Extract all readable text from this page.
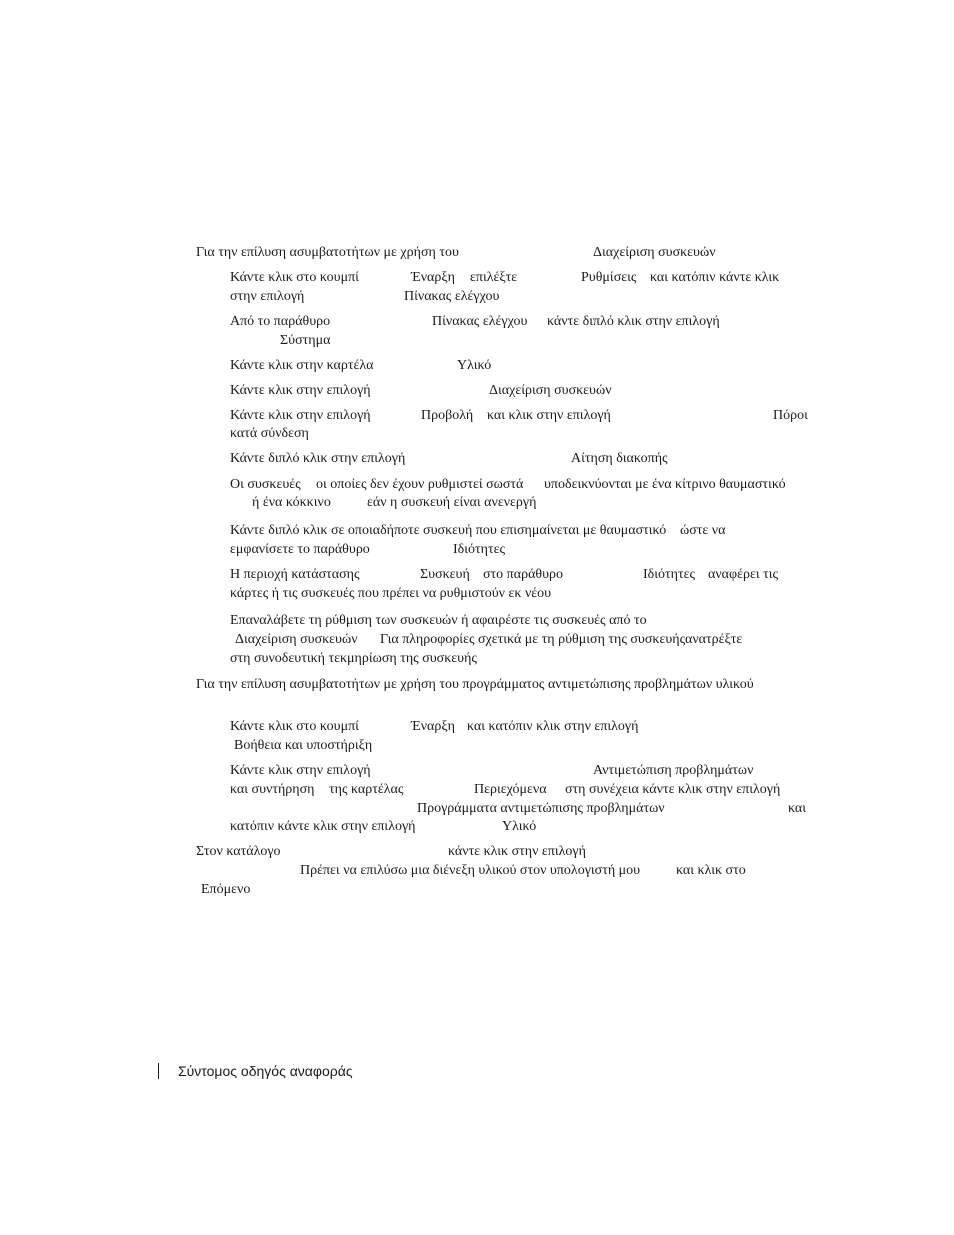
Για την επίλυση ασυμβατοτήτων με χρήση του	Διαχείριση συσκευών
Κάντε κλικ στο κουμπί	Έναρξη επιλέξτε	Ρυθμίσεις και κατόπιν κάντε κλικ
στην επιλογή	Πίνακας ελέγχου
Από το παράθυρο	Πίνακας ελέγχου κάντε διπλό κλικ στην επιλογή
Σύστημα
Κάντε κλικ στην καρτέλα	Υλικό
Κάντε κλικ στην επιλογή	Διαχείριση συσκευών
Κάντε κλικ στην επιλογή	Προβολή και κλικ στην επιλογή	Πόροι
κατά σύνδεση
Κάντε διπλό κλικ στην επιλογή	Αίτηση διακοπής
Οι συσκευές οι οποίες δεν έχουν ρυθμιστεί σωστά υποδεικνύονται με ένα κίτρινο θαυμαστικό
ή ένα κόκκινο	εάν η συσκευή είναι ανενεργή
Κάντε διπλό κλικ σε οποιαδήποτε συσκευή που επισημαίνεται με θαυμαστικό ώστε να
εμφανίσετε το παράθυρο	Ιδιότητες
Η περιοχή κατάστασης	Συσκευή στο παράθυρο	Ιδιότητες αναφέρει τις
κάρτες ή τις συσκευές που πρέπει να ρυθμιστούν εκ νέου
Επαναλάβετε τη ρύθμιση των συσκευών ή αφαιρέστε τις συσκευές από το
Διαχείριση συσκευών Για πληροφορίες σχετικά με τη ρύθμιση της συσκευής ανατρέξτε
στη συνοδευτική τεκμηρίωση της συσκευής
Για την επίλυση ασυμβατοτήτων με χρήση του προγράμματος αντιμετώπισης προβλημάτων υλικού
Κάντε κλικ στο κουμπί	Έναρξη και κατόπιν κλικ στην επιλογή
Βοήθεια και υποστήριξη
Κάντε κλικ στην επιλογή	Αντιμετώπιση προβλημάτων
και συντήρηση της καρτέλας	Περιεχόμενα στη συνέχεια κάντε κλικ στην επιλογή
Προγράμματα αντιμετώπισης προβλημάτων	και
κατόπιν κάντε κλικ στην επιλογή	Υλικό
Στον κατάλογο	κάντε κλικ στην επιλογή
Πρέπει να επιλύσω μια διένεξη υλικού στον υπολογιστή μου	και κλικ στο
Επόμενο
Σύντομος οδηγός αναφοράς
